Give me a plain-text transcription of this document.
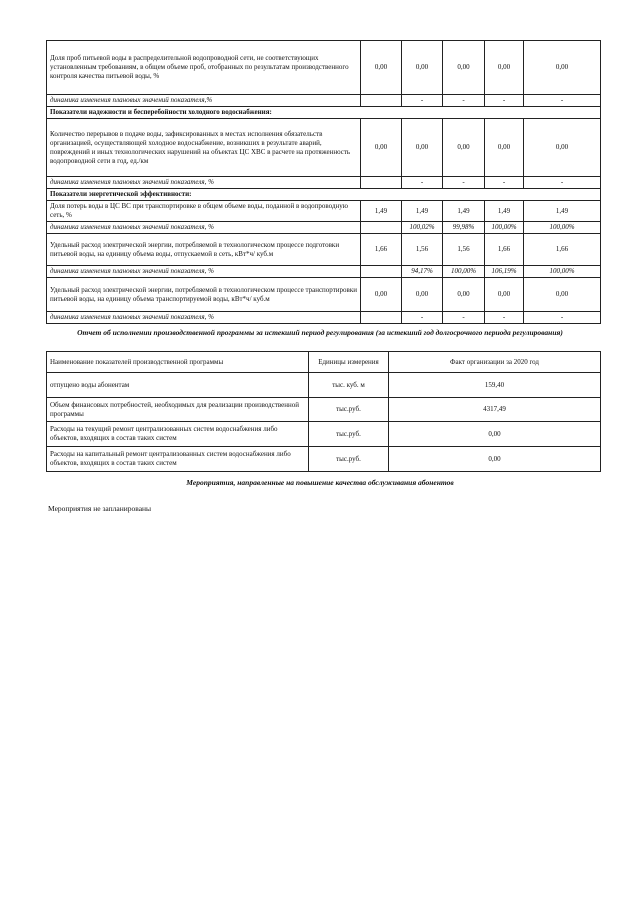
Доля проб питьевой воды в распределительной водопроводной сети, не соответствующих установленным требованиям, в общем объеме проб, отобранных по результатам производственного контроля качества питьевой воды, %	0,00	0,00	0,00	0,00	0,00
динамика изменения плановых значений показателя,%		-	-	-	-
Показатели надежности и бесперебойности холодного водоснабжения:					
Количество перерывов в подаче воды, зафиксированных в местах исполнения обязательств организацией, осуществляющей холодное водоснабжение, возникших в результате аварий, повреждений и иных технологических нарушений на объектах ЦС ХВС в расчете на протяженность водопроводной сети в год, ед./км	0,00	0,00	0,00	0,00	0,00
динамика изменения плановых значений показателя, %		-	-	-	-
Показатели энергетической эффективности:					
Доля потерь воды в ЦС ВС при транспортировке в общем объеме воды, поданной в водопроводную сеть, %	1,49	1,49	1,49	1,49	1,49
динамика изменения плановых значений показателя, %		100,02%	99,98%	100,00%	100,00%
Удельный расход электрической энергии, потребляемой в технологическом процессе подготовки питьевой воды, на единицу объема воды, отпускаемой в сеть, кВт*ч/ куб.м	1,66	1,56	1,56	1,66	1,66
динамика изменения плановых значений показателя, %		94,17%	100,00%	106,19%	100,00%
Удельный расход электрической энергии, потребляемой в технологическом процессе транспортировки питьевой воды, на единицу объема транспортируемой воды, кВт*ч/ куб.м	0,00	0,00	0,00	0,00	0,00
динамика изменения плановых значений показателя, %		-	-	-	-
Отчет об исполнении производственной программы за истекший период регулирования (за истекший год долгосрочного периода регулирования)
Наименование показателей производственной программы	Единицы измерения	Факт организации за 2020 год
отпущено воды абонентам	тыс. куб. м	159,40
Объем финансовых потребностей, необходимых для реализации производственной программы	тыс.руб.	4317,49
Расходы на текущий ремонт централизованных систем водоснабжения либо объектов, входящих в состав таких систем	тыс.руб.	0,00
Расходы на капитальный ремонт централизованных систем водоснабжения либо объектов, входящих в состав таких систем	тыс.руб.	0,00
Мероприятия, направленные на повышение качества обслуживания абонентов
Мероприятия не запланированы
